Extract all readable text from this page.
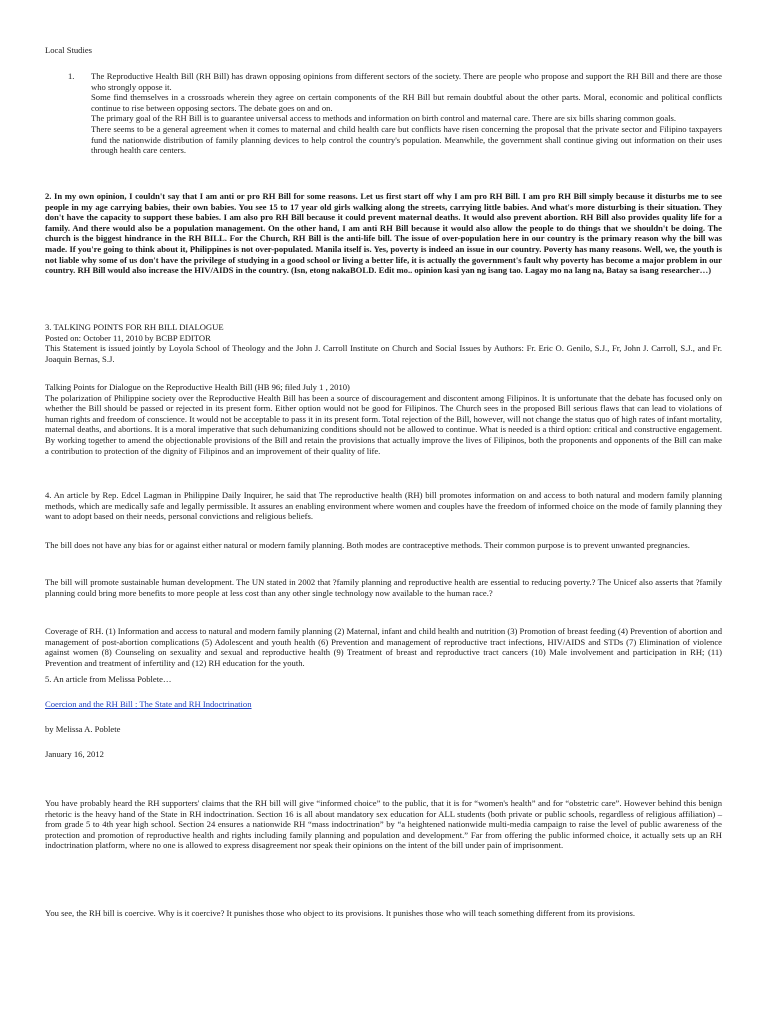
Local Studies
1. The Reproductive Health Bill (RH Bill) has drawn opposing opinions from different sectors of the society. There are people who propose and support the RH Bill and there are those who strongly oppose it.

Some find themselves in a crossroads wherein they agree on certain components of the RH Bill but remain doubtful about the other parts. Moral, economic and political conflicts continue to rise between opposing sectors. The debate goes on and on.

The primary goal of the RH Bill is to guarantee universal access to methods and information on birth control and maternal care. There are six bills sharing common goals.

There seems to be a general agreement when it comes to maternal and child health care but conflicts have risen concerning the proposal that the private sector and Filipino taxpayers fund the nationwide distribution of family planning devices to help control the country's population. Meanwhile, the government shall continue giving out information on their uses through health care centers.

2. In my own opinion, I couldn't say that I am anti or pro RH Bill for some reasons. Let us first start off why I am pro RH Bill. I am pro RH Bill simply because it disturbs me to see people in my age carrying babies, their own babies. You see 15 to 17 year old girls walking along the streets, carrying little babies. And what's more disturbing is their situation. They don't have the capacity to support these babies. I am also pro RH Bill because it could prevent maternal deaths. It would also prevent abortion. RH Bill also provides quality life for a family. And there would also be a population management. On the other hand, I am anti RH Bill because it would also allow the people to do things that we shouldn't be doing. The church is the biggest hindrance in the RH BILL. For the Church, RH Bill is the anti-life bill. The issue of over-population here in our country is the primary reason why the bill was made. If you're going to think about it, Philippines is not over-populated. Manila itself is. Yes, poverty is indeed an issue in our country. Poverty has many reasons. Well, we, the youth is not liable why some of us don't have the privilege of studying in a good school or living a better life, it is actually the government's fault why poverty has become a major problem in our country. RH Bill would also increase the HIV/AIDS in the country. (Isn, etong nakaBOLD. Edit mo.. opinion kasi yan ng isang tao. Lagay mo na lang na, Batay sa isang researcher…)

3. TALKING POINTS FOR RH BILL DIALOGUE

Posted on: October 11, 2010 by BCBP EDITOR

This Statement is issued jointly by Loyola School of Theology and the John J. Carroll Institute on Church and Social Issues by Authors: Fr. Eric O. Genilo, S.J., Fr, John J. Carroll, S.J., and Fr. Joaquin Bernas, S.J.

Talking Points for Dialogue on the Reproductive Health Bill (HB 96; filed July 1 , 2010)

The polarization of Philippine society over the Reproductive Health Bill has been a source of discouragement and discontent among Filipinos. It is unfortunate that the debate has focused only on whether the Bill should be passed or rejected in its present form. Either option would not be good for Filipinos. The Church sees in the proposed Bill serious flaws that can lead to violations of human rights and freedom of conscience. It would not be acceptable to pass it in its present form. Total rejection of the Bill, however, will not change the status quo of high rates of infant mortality, maternal deaths, and abortions. It is a moral imperative that such dehumanizing conditions should not be allowed to continue. What is needed is a third option: critical and constructive engagement. By working together to amend the objectionable provisions of the Bill and retain the provisions that actually improve the lives of Filipinos, both the proponents and opponents of the Bill can make a contribution to protection of the dignity of Filipinos and an improvement of their quality of life.

4. An article by Rep. Edcel Lagman in Philippine Daily Inquirer, he said that The reproductive health (RH) bill promotes information on and access to both natural and modern family planning methods, which are medically safe and legally permissible. It assures an enabling environment where women and couples have the freedom of informed choice on the mode of family planning they want to adopt based on their needs, personal convictions and religious beliefs.

The bill does not have any bias for or against either natural or modern family planning. Both modes are contraceptive methods. Their common purpose is to prevent unwanted pregnancies.

The bill will promote sustainable human development. The UN stated in 2002 that ?family planning and reproductive health are essential to reducing poverty.? The Unicef also asserts that ?family planning could bring more benefits to more people at less cost than any other single technology now available to the human race.?

Coverage of RH. (1) Information and access to natural and modern family planning (2) Maternal, infant and child health and nutrition (3) Promotion of breast feeding (4) Prevention of abortion and management of post-abortion complications (5) Adolescent and youth health (6) Prevention and management of reproductive tract infections, HIV/AIDS and STDs (7) Elimination of violence against women (8) Counseling on sexuality and sexual and reproductive health (9) Treatment of breast and reproductive tract cancers (10) Male involvement and participation in RH; (11) Prevention and treatment of infertility and (12) RH education for the youth.

5. An article from Melissa Poblete…

Coercion and the RH Bill : The State and RH Indoctrination

by Melissa A. Poblete

January 16, 2012

You have probably heard the RH supporters' claims that the RH bill will give “informed choice” to the public, that it is for “women's health” and for “obstetric care”. However behind this benign rhetoric is the heavy hand of the State in RH indoctrination. Section 16 is all about mandatory sex education for ALL students (both private or public schools, regardless of religious affiliation) – from grade 5 to 4th year high school. Section 24 ensures a nationwide RH “mass indoctrination” by “a heightened nationwide multi-media campaign to raise the level of public awareness of the protection and promotion of reproductive health and rights including family planning and population and development.” Far from offering the public informed choice, it actually sets up an RH indoctrination platform, where no one is allowed to express disagreement nor speak their opinions on the intent of the bill under pain of imprisonment.

You see, the RH bill is coercive. Why is it coercive? It punishes those who object to its provisions. It punishes those who will teach something different from its provisions.
